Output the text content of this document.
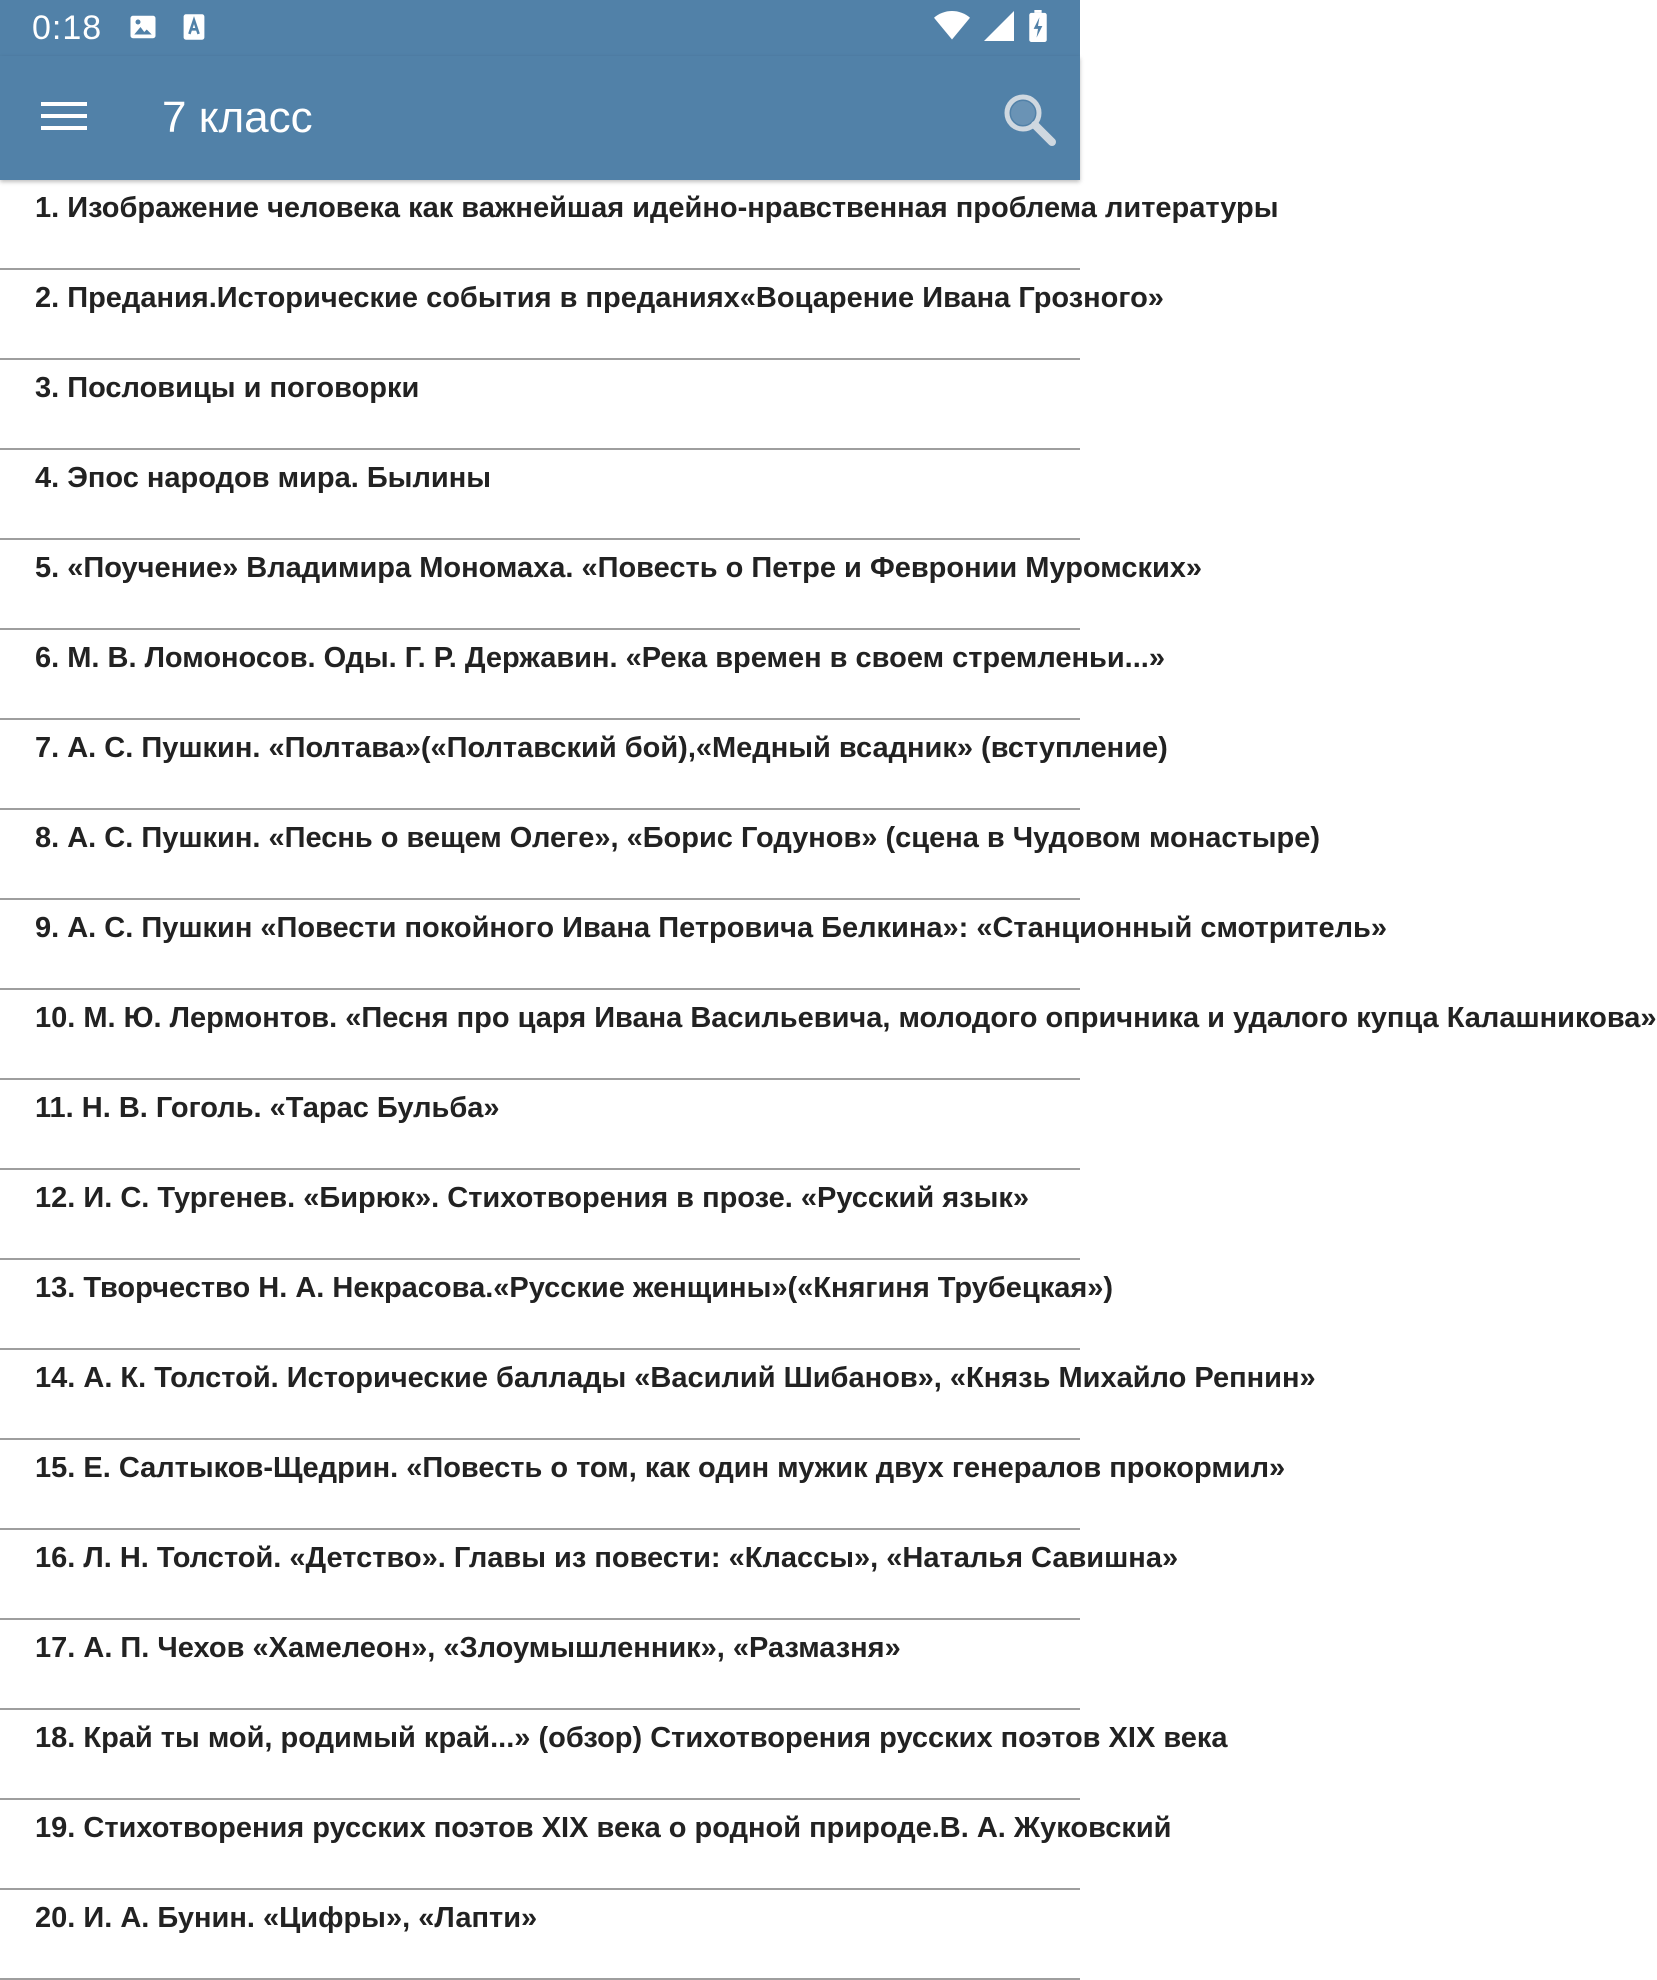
0:18
7 класс
1. Изображение человека как важнейшая идейно-нравственная проблема литературы
2. Предания.Исторические события в преданиях«Воцарение Ивана Грозного»
3. Пословицы и поговорки
4. Эпос народов мира. Былины
5. «Поучение» Владимира Мономаха. «Повесть о Петре и Февронии Муромских»
6. М. В. Ломоносов. Оды. Г. Р. Державин. «Река времен в своем стремленьи...»
7. А. С. Пушкин. «Полтава»(«Полтавский бой),«Медный всадник» (вступление)
8. А. С. Пушкин. «Песнь о вещем Олеге», «Борис Годунов» (сцена в Чудовом монастыре)
9. А. С. Пушкин «Повести покойного Ивана Петровича Белкина»: «Станционный смотритель»
10. М. Ю. Лермонтов. «Песня про царя Ивана Васильевича, молодого опричника и удалого купца Калашникова»
11. Н. В. Гоголь. «Тарас Бульба»
12. И. С. Тургенев. «Бирюк». Стихотворения в прозе. «Русский язык»
13. Творчество Н. А. Некрасова.«Русские женщины»(«Княгиня Трубецкая»)
14. А. К. Толстой. Исторические баллады «Василий Шибанов», «Князь Михайло Репнин»
15. Е. Салтыков-Щедрин. «Повесть о том, как один мужик двух генералов прокормил»
16. Л. Н. Толстой. «Детство». Главы из повести: «Классы», «Наталья Савишна»
17. А. П. Чехов «Хамелеон», «Злоумышленник», «Размазня»
18. Край ты мой, родимый край...» (обзор) Стихотворения русских поэтов XIX века
19. Стихотворения русских поэтов XIX века о родной природе.В. А. Жуковский
20. И. А. Бунин. «Цифры», «Лапти»
